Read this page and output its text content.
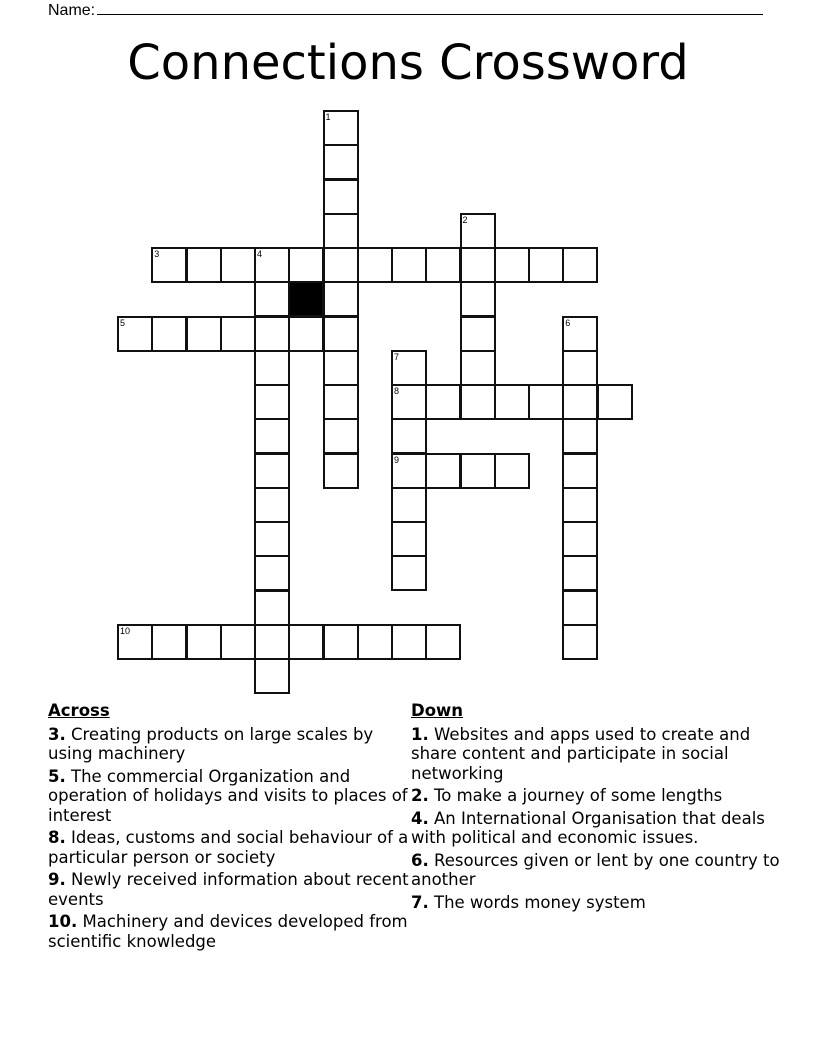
Name:
Connections Crossword
1
2
3	4
5	6
7
8
9
10
Across
3. Creating products on large scales by using machinery
5. The commercial Organization and operation of holidays and visits to places of interest
8. Ideas, customs and social behaviour of a particular person or society
9. Newly received information about recent events
10. Machinery and devices developed from scientific knowledge
Down
1. Websites and apps used to create and share content and participate in social networking
2. To make a journey of some lengths
4. An International Organisation that deals with political and economic issues.
6. Resources given or lent by one country to another
7. The words money system
